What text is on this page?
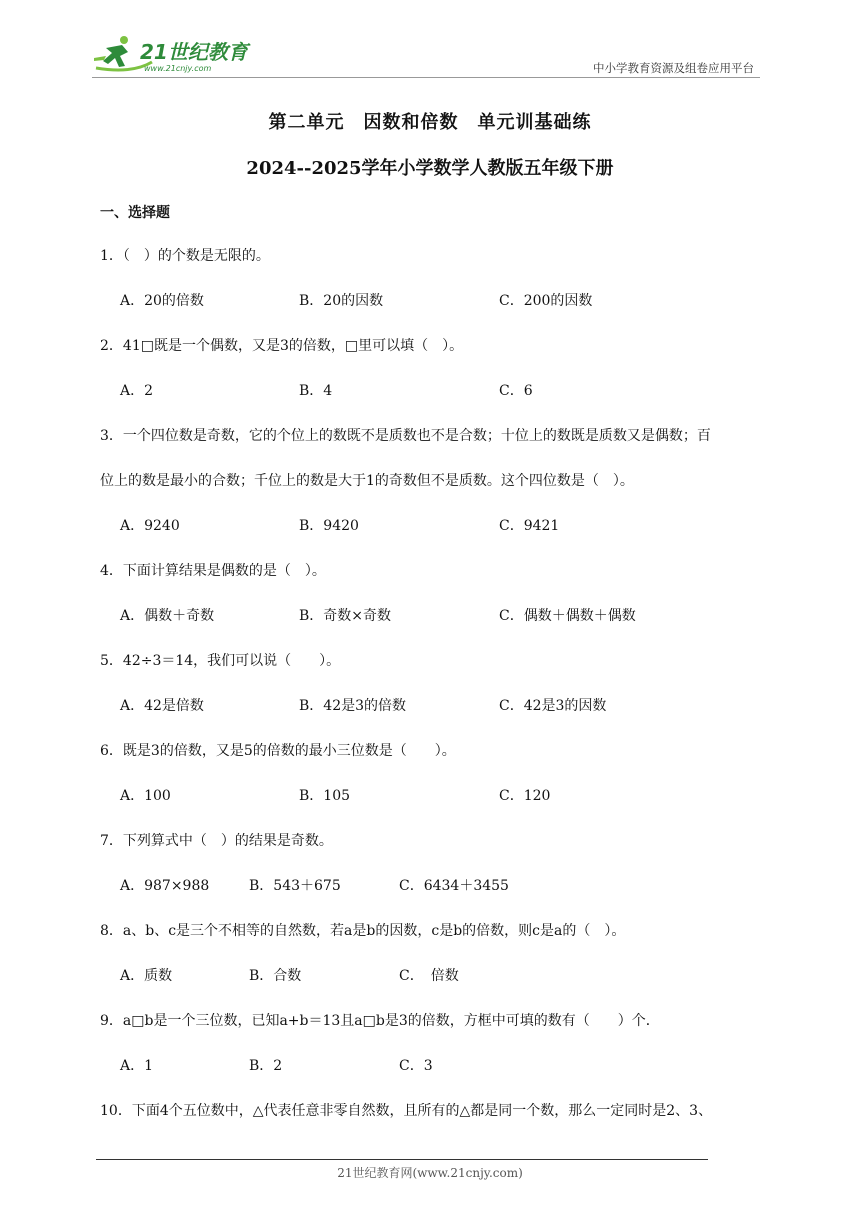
21世纪教育
www.21cnjy.com	中小学教育资源及组卷应用平台
第二单元　因数和倍数　单元训基础练
2024--2025学年小学数学人教版五年级下册
一、选择题
1．（　）的个数是无限的。
A．20的倍数	B．20的因数	C．200的因数
2．41□既是一个偶数，又是3的倍数，□里可以填（　）。
A．2	B．4	C．6
3．一个四位数是奇数，它的个位上的数既不是质数也不是合数；十位上的数既是质数又是偶数；百
位上的数是最小的合数；千位上的数是大于1的奇数但不是质数。这个四位数是（　）。
A．9240	B．9420	C．9421
4．下面计算结果是偶数的是（　）。
A．偶数＋奇数	B．奇数×奇数	C．偶数＋偶数＋偶数
5．42÷3＝14，我们可以说（　　）。
A．42是倍数	B．42是3的倍数	C．42是3的因数
6．既是3的倍数，又是5的倍数的最小三位数是（　　）。
A．100	B．105	C．120
7．下列算式中（　）的结果是奇数。
A．987×988	B．543＋675	C．6434＋3455
8．a、b、c是三个不相等的自然数，若a是b的因数，c是b的倍数，则c是a的（　）。
A．质数	B．合数	C．　倍数
9．a□b是一个三位数，已知a+b＝13且a□b是3的倍数，方框中可填的数有（　　）个．
A．1	B．2	C．3
10．下面4个五位数中，△代表任意非零自然数，且所有的△都是同一个数，那么一定同时是2、3、
21世纪教育网(www.21cnjy.com)
